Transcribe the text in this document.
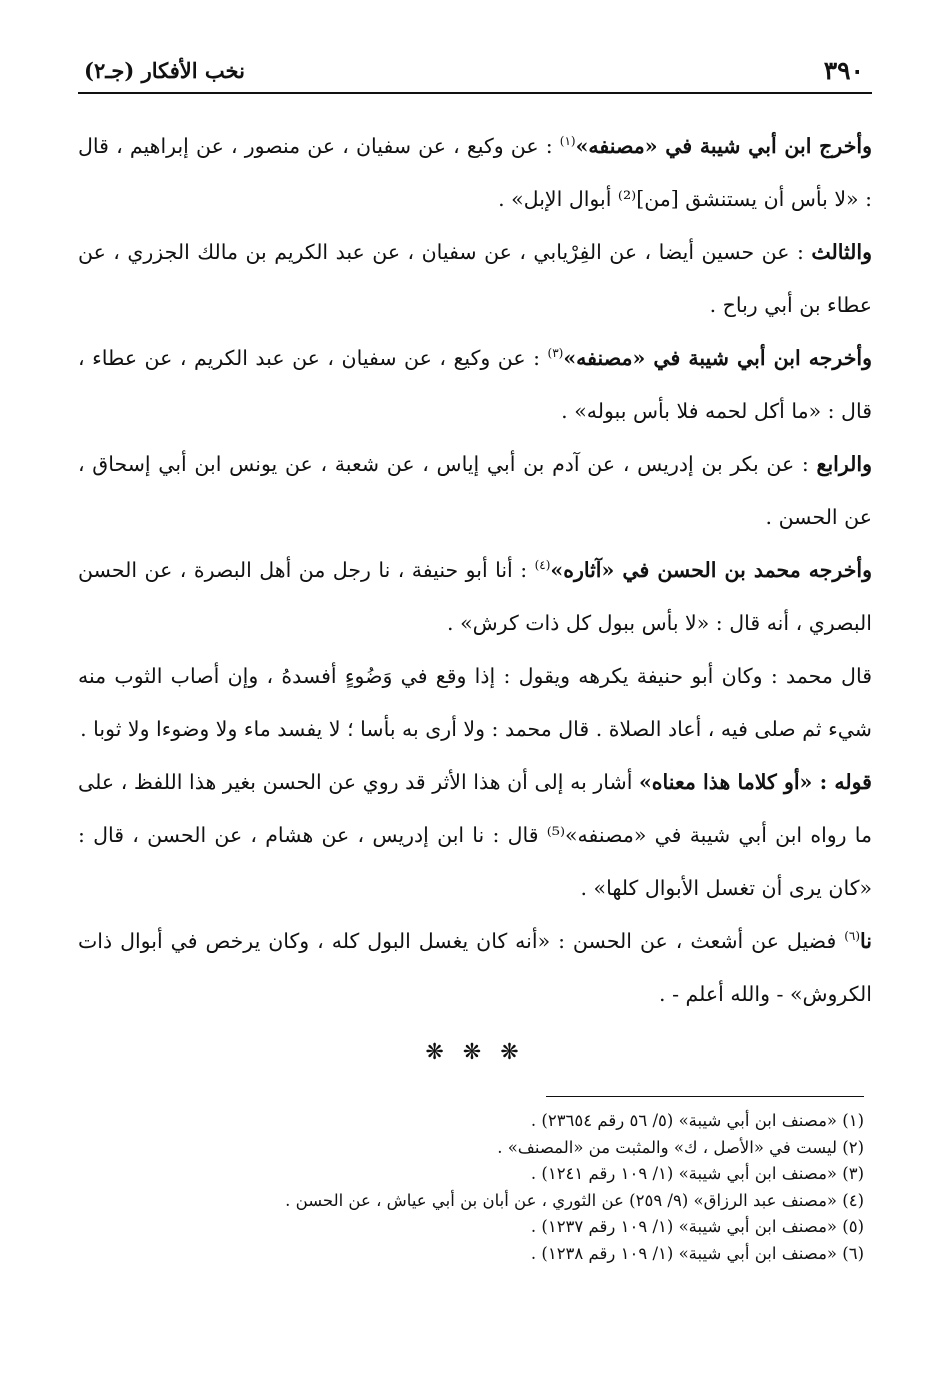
٣٩٠
نخب الأفكار (جـ٢)

وأخرج ابن أبي شيبة في «مصنفه»$^{(١)}$ : عن وكيع ، عن سفيان ، عن منصور ، عن إبراهيم ، قال : «لا بأس أن يستنشق [من]⁽²⁾ أبوال الإبل» .

والثالث : عن حسين أيضا ، عن الفِرْيابي ، عن سفيان ، عن عبد الكريم بن مالك الجزري ، عن عطاء بن أبي رباح .

وأخرجه ابن أبي شيبة في «مصنفه»$^{(٣)}$ : عن وكيع ، عن سفيان ، عن عبد الكريم ، عن عطاء ، قال : «ما أكل لحمه فلا بأس ببوله» .

والرابع : عن بكر بن إدريس ، عن آدم بن أبي إياس ، عن شعبة ، عن يونس ابن أبي إسحاق ، عن الحسن .

وأخرجه محمد بن الحسن في «آثاره»$^{(٤)}$ : أنا أبو حنيفة ، نا رجل من أهل البصرة ، عن الحسن البصري ، أنه قال : «لا بأس ببول كل ذات كرش» .

قال محمد : وكان أبو حنيفة يكرهه ويقول : إذا وقع في وَضُوءٍ أفسدهُ ، وإن أصاب الثوب منه شيء ثم صلى فيه ، أعاد الصلاة . قال محمد : ولا أرى به بأسا ؛ لا يفسد ماء ولا وضوءا ولا ثوبا .

قوله : «أو كلاما هذا معناه» أشار به إلى أن هذا الأثر قد روي عن الحسن بغير هذا اللفظ ، على ما رواه ابن أبي شيبة في «مصنفه»⁽⁵⁾ قال : نا ابن إدريس ، عن هشام ، عن الحسن ، قال : «كان يرى أن تغسل الأبوال كلها» .

نا$^{(٦)}$ فضيل عن أشعث ، عن الحسن : «أنه كان يغسل البول كله ، وكان يرخص في أبوال ذات الكروش» - والله أعلم - .

❋ ❋ ❋

(١) «مصنف ابن أبي شيبة» (٥/ ٥٦ رقم ٢٣٦٥٤) .

(٢) ليست في «الأصل ، ك» والمثبت من «المصنف» .

(٣) «مصنف ابن أبي شيبة» (١/ ١٠٩ رقم ١٢٤١) .

(٤) «مصنف عبد الرزاق» (٩/ ٢٥٩) عن الثوري ، عن أبان بن أبي عياش ، عن الحسن .

(٥) «مصنف ابن أبي شيبة» (١/ ١٠٩ رقم ١٢٣٧) .

(٦) «مصنف ابن أبي شيبة» (١/ ١٠٩ رقم ١٢٣٨) .
